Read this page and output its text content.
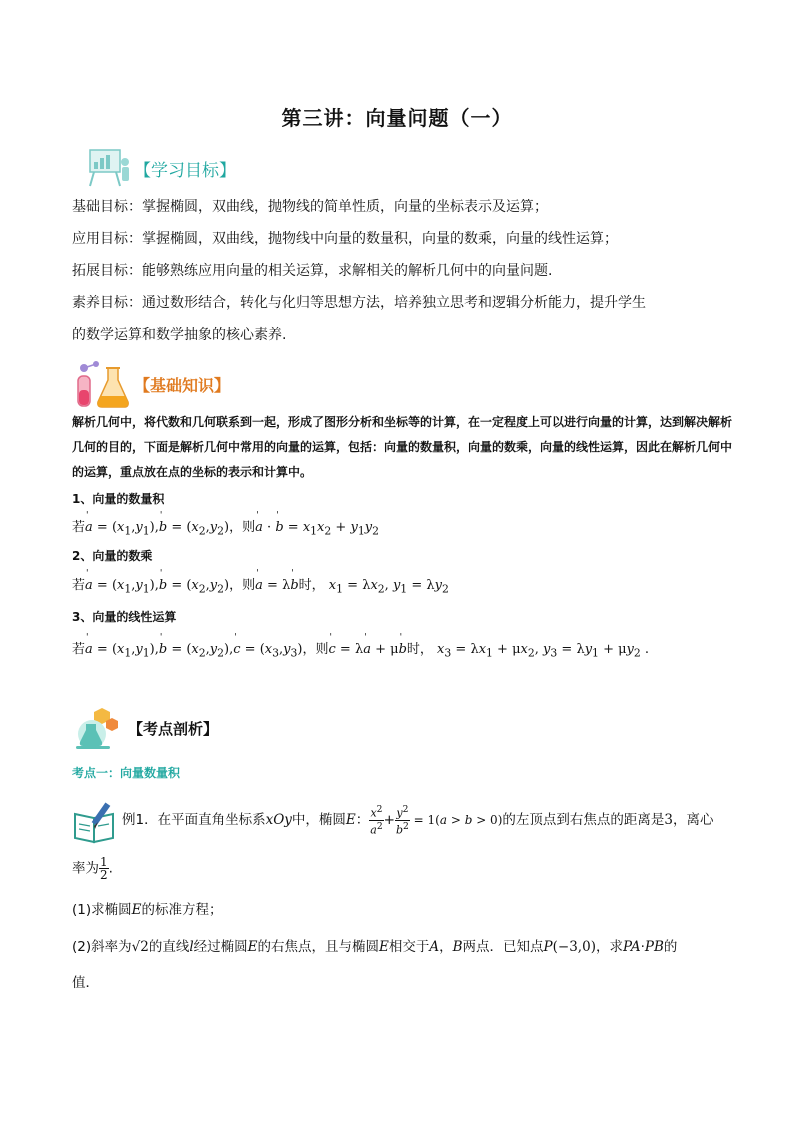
第三讲：向量问题（一）
【学习目标】
基础目标：掌握椭圆，双曲线，抛物线的简单性质，向量的坐标表示及运算；
应用目标：掌握椭圆，双曲线，抛物线中向量的数量积，向量的数乘，向量的线性运算；
拓展目标：能够熟练应用向量的相关运算，求解相关的解析几何中的向量问题.
素养目标：通过数形结合，转化与化归等思想方法，培养独立思考和逻辑分析能力，提升学生
的数学运算和数学抽象的核心素养.
【基础知识】
解析几何中，将代数和几何联系到一起，形成了图形分析和坐标等的计算，在一定程度上可以进行向量的计算，达到解决解析几何的目的，下面是解析几何中常用的向量的运算，包括：向量的数量积，向量的数乘，向量的线性运算，因此在解析几何中的运算，重点放在点的坐标的表示和计算中。
1、向量的数量积
若' $a = (x_1,y_1),'$ $b = (x_2,y_2)$，则' a · ' $b = x_1x_2 + y_1y_2$
2、向量的数乘
若' $a = (x_1,y_1),'$ $b = (x_2,y_2)$，则' a = λ' b时， $x_1 = \lambda x_2$, $y_1 = \lambda y_2$
3、向量的线性运算
若' $a = (x_1,y_1),'$ $b = (x_2,y_2),'$ $c = (x_3,y_3)$，则' c = λ' a + μ' b时， $x_3 = \lambda x_1 + \mu x_2$, $y_3 = \lambda y_1 + \mu y_2$ .
【考点剖析】
考点一：向量数量积
例1．在平面直角坐标系xOy中，椭圆E： $\frac{x^2}{a^2} + \frac{y^2}{b^2} = 1(a > b > 0)$的左顶点到右焦点的距离是3，离心
率为 $\frac{1}{2}$ .
(1)求椭圆E的标准方程；
(2)斜率为√2的直线l经过椭圆E的右焦点，且与椭圆E相交于A，B两点．已知点P(−3,0)，求PA·PB的
值．
